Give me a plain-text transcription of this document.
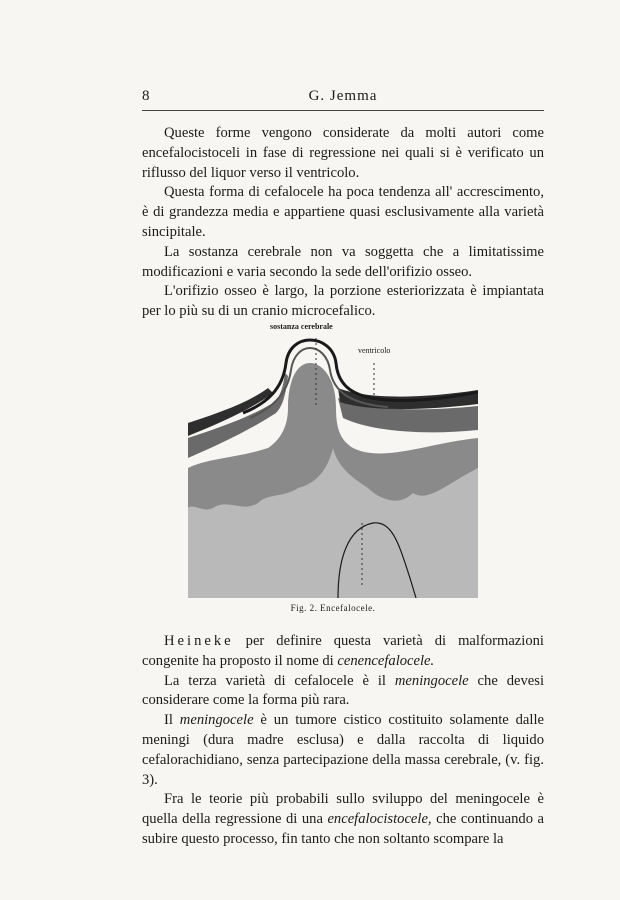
8	G. Jemma

Queste forme vengono considerate da molti autori come encefalocistoceli in fase di regressione nei quali si è verificato un riflusso del liquor verso il ventricolo.

Questa forma di cefalocele ha poca tendenza all' accrescimento, è di grandezza media e appartiene quasi esclusivamente alla varietà sincipitale.

La sostanza cerebrale non va soggetta che a limitatissime modificazioni e varia secondo la sede dell'orifizio osseo.

L'orifizio osseo è largo, la porzione esteriorizzata è impiantata per lo più su di un cranio microcefalico.

sostanza cerebrale
ventricolo
Fig. 2. Encefalocele.

Heineke per definire questa varietà di malformazioni congenite ha proposto il nome di cenencefalocele.

La terza varietà di cefalocele è il meningocele che devesi considerare come la forma più rara.

Il meningocele è un tumore cistico costituito solamente dalle meningi (dura madre esclusa) e dalla raccolta di liquido cefalorachidiano, senza partecipazione della massa cerebrale, (v. fig. 3).

Fra le teorie più probabili sullo sviluppo del meningocele è quella della regressione di una encefalocistocele, che continuando a subire questo processo, fin tanto che non soltanto scompare la
